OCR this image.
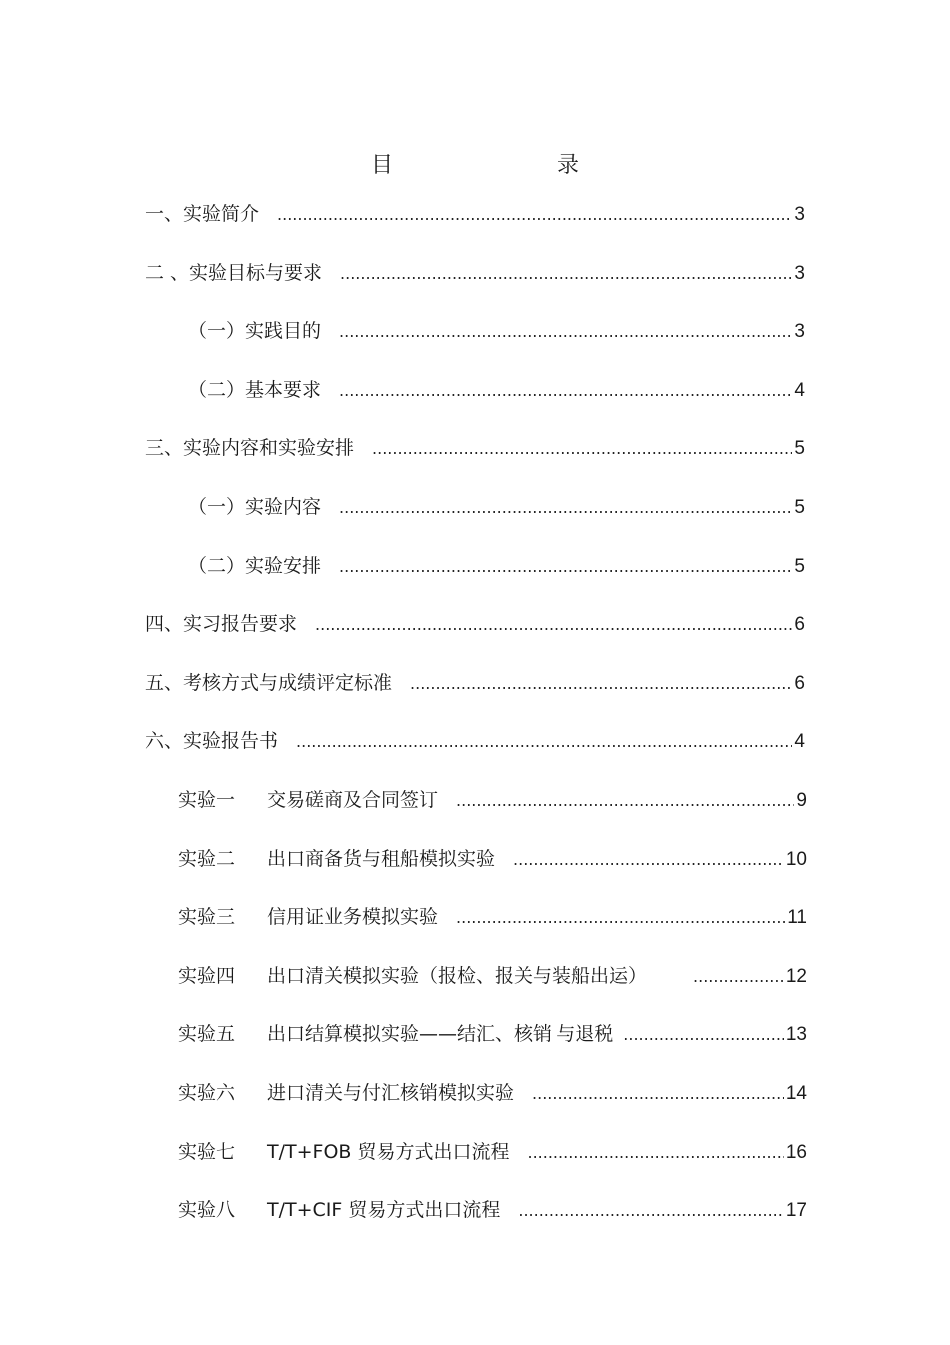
目　　录
一、实验简介 .....	3
二 、实验目标与要求 .....	3
（一）实践目的 .....	3
（二）基本要求 .....	4
三、实验内容和实验安排 .....	5
（一）实验内容 .....	5
（二）实验安排 .....	5
四、实习报告要求 .....	6
五、考核方式与成绩评定标准 .....	6
六、实验报告书 .....	4
实验一	交易磋商及合同签订 .....	9
实验二	出口商备货与租船模拟实验 .....	10
实验三	信用证业务模拟实验 .....	11
实验四	出口清关模拟实验（报检、报关与装船出运） .....	12
实验五	出口结算模拟实验——结汇、核销 与退税 .....	13
实验六	进口清关与付汇核销模拟实验 .....	14
实验七	T/T+FOB 贸易方式出口流程 .....	16
实验八	T/T+CIF 贸易方式出口流程 .....	17
